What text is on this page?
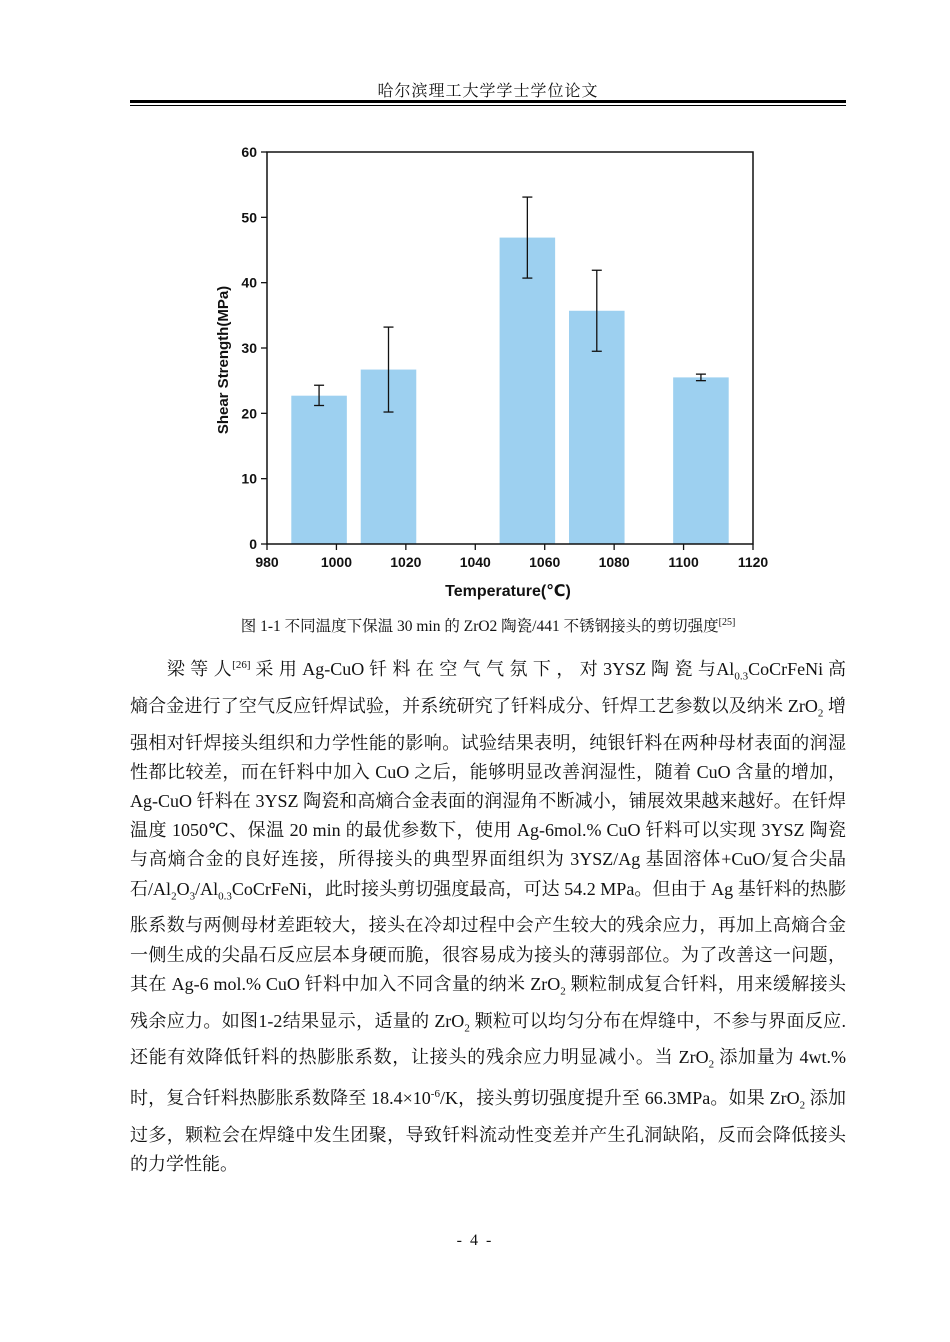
哈尔滨理工大学学士学位论文
Shear Strength(MPa)
Temperature(℃)
0
10
20
30
40
50
60
980	1000	1020	1040	1060	1080	1100	1120
图 1-1 不同温度下保温 30 min 的 ZrO2 陶瓷/441 不锈钢接头的剪切强度[25]

　　梁 等 人[26] 采 用 Ag-CuO 钎 料 在 空 气 气 氛 下 ， 对 3YSZ 陶 瓷 与$Al_{0.3}CoCrFeNi$ 高熵合金进行了空气反应钎焊试验，并系统研究了钎料成分、钎焊工艺参数以及纳米 ZrO$_2$ 增强相对钎焊接头组织和力学性能的影响。试验结果表明，纯银钎料在两种母材表面的润湿性都比较差，而在钎料中加入 CuO 之后，能够明显改善润湿性，随着 CuO 含量的增加，Ag-CuO 钎料在 3YSZ 陶瓷和高熵合金表面的润湿角不断减小，铺展效果越来越好。在钎焊温度 1050℃、保温 20 min 的最优参数下，使用 Ag-6mol.% CuO 钎料可以实现 3YSZ 陶瓷与高熵合金的良好连接，所得接头的典型界面组织为 3YSZ/Ag 基固溶体+CuO/复合尖晶石$/Al_2O_3/Al_{0.3}CoCrFeNi$，此时接头剪切强度最高，可达 54.2 MPa。但由于 Ag 基钎料的热膨胀系数与两侧母材差距较大，接头在冷却过程中会产生较大的残余应力，再加上高熵合金一侧生成的尖晶石反应层本身硬而脆，很容易成为接头的薄弱部位。为了改善这一问题，其在 Ag-6 mol.% CuO 钎料中加入不同含量的纳米 ZrO$_2$ 颗粒制成复合钎料，用来缓解接头残余应力。如图1-2结果显示，适量的 ZrO$_2$ 颗粒可以均匀分布在焊缝中，不参与界面反应.还能有效降低钎料的热膨胀系数，让接头的残余应力明显减小。当 ZrO$_2$ 添加量为 4wt.%时，复合钎料热膨胀系数降至 $18.4\times 10^{-6}/K$，接头剪切强度提升至 66.3MPa。如果 ZrO$_2$ 添加过多，颗粒会在焊缝中发生团聚，导致钎料流动性变差并产生孔洞缺陷，反而会降低接头的力学性能。

- 4 -
